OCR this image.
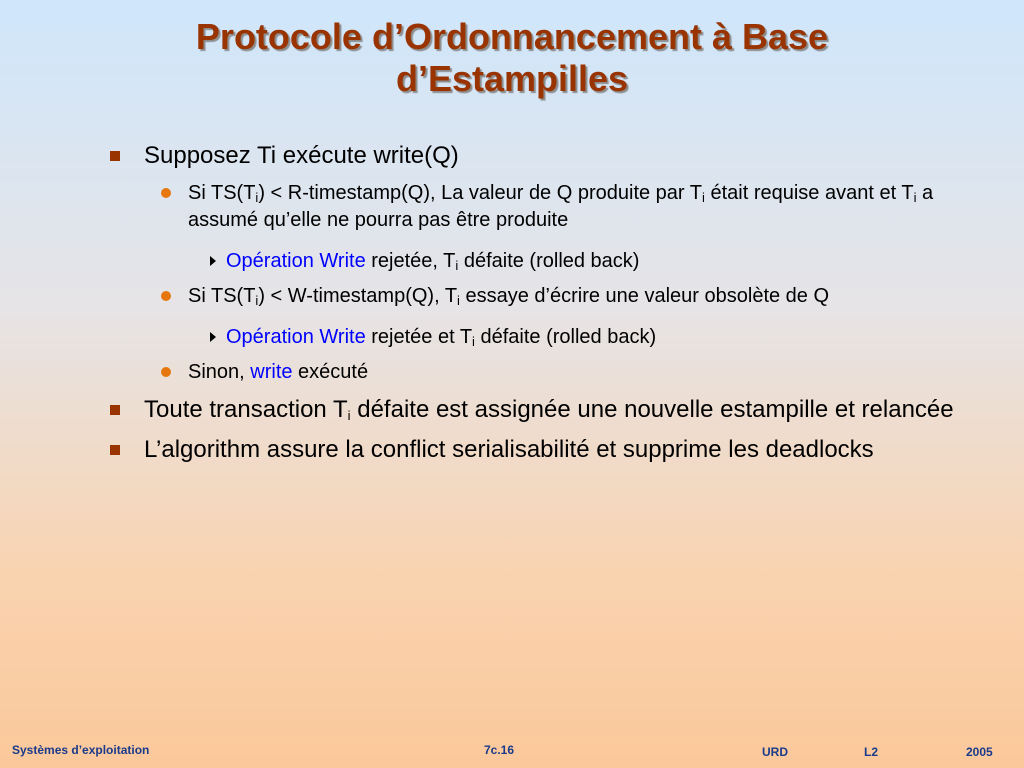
Protocole d’Ordonnancement à Base
d’Estampilles
Supposez Ti exécute write(Q)
Si $TS(T_i)$ < R-timestamp(Q), La valeur de Q produite par $T_i$ était requise avant et $T_i$ a assumé qu’elle ne pourra pas être produite
Opération Write rejetée, $T_i$ défaite (rolled back)
Si $TS(T_i)$ < W-timestamp(Q), $T_i$ essaye d’écrire une valeur obsolète de Q
Opération Write rejetée et $T_i$ défaite (rolled back)
Sinon, write exécuté
Toute transaction $T_i$ défaite est assignée une nouvelle estampille et relancée
L’algorithm assure la conflict serialisabilité et supprime les deadlocks
Systèmes d’exploitation	7c.16	URD	L2	2005
